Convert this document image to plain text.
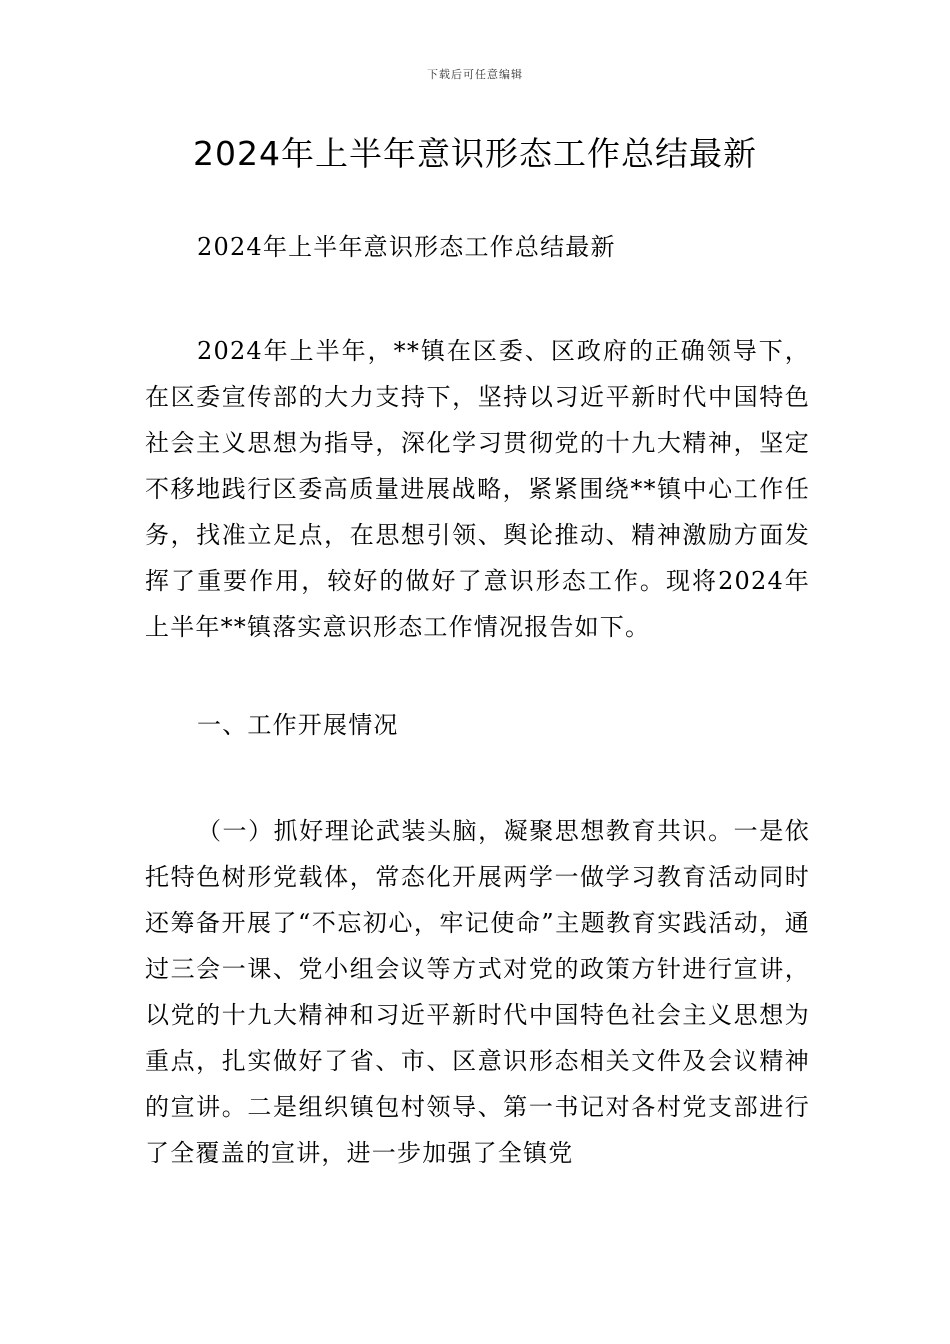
下载后可任意编辑
2024年上半年意识形态工作总结最新

2024年上半年意识形态工作总结最新

2024年上半年，**镇在区委、区政府的正确领导下，在区委宣传部的大力支持下，坚持以习近平新时代中国特色社会主义思想为指导，深化学习贯彻党的十九大精神，坚定不移地践行区委高质量进展战略，紧紧围绕**镇中心工作任务，找准立足点，在思想引领、舆论推动、精神激励方面发挥了重要作用，较好的做好了意识形态工作。现将2024年上半年**镇落实意识形态工作情况报告如下。

一、工作开展情况

（一）抓好理论武装头脑，凝聚思想教育共识。一是依托特色树形党载体，常态化开展两学一做学习教育活动同时还筹备开展了“不忘初心，牢记使命”主题教育实践活动，通过三会一课、党小组会议等方式对党的政策方针进行宣讲，以党的十九大精神和习近平新时代中国特色社会主义思想为重点，扎实做好了省、市、区意识形态相关文件及会议精神的宣讲。二是组织镇包村领导、第一书记对各村党支部进行了全覆盖的宣讲，进一步加强了全镇党
